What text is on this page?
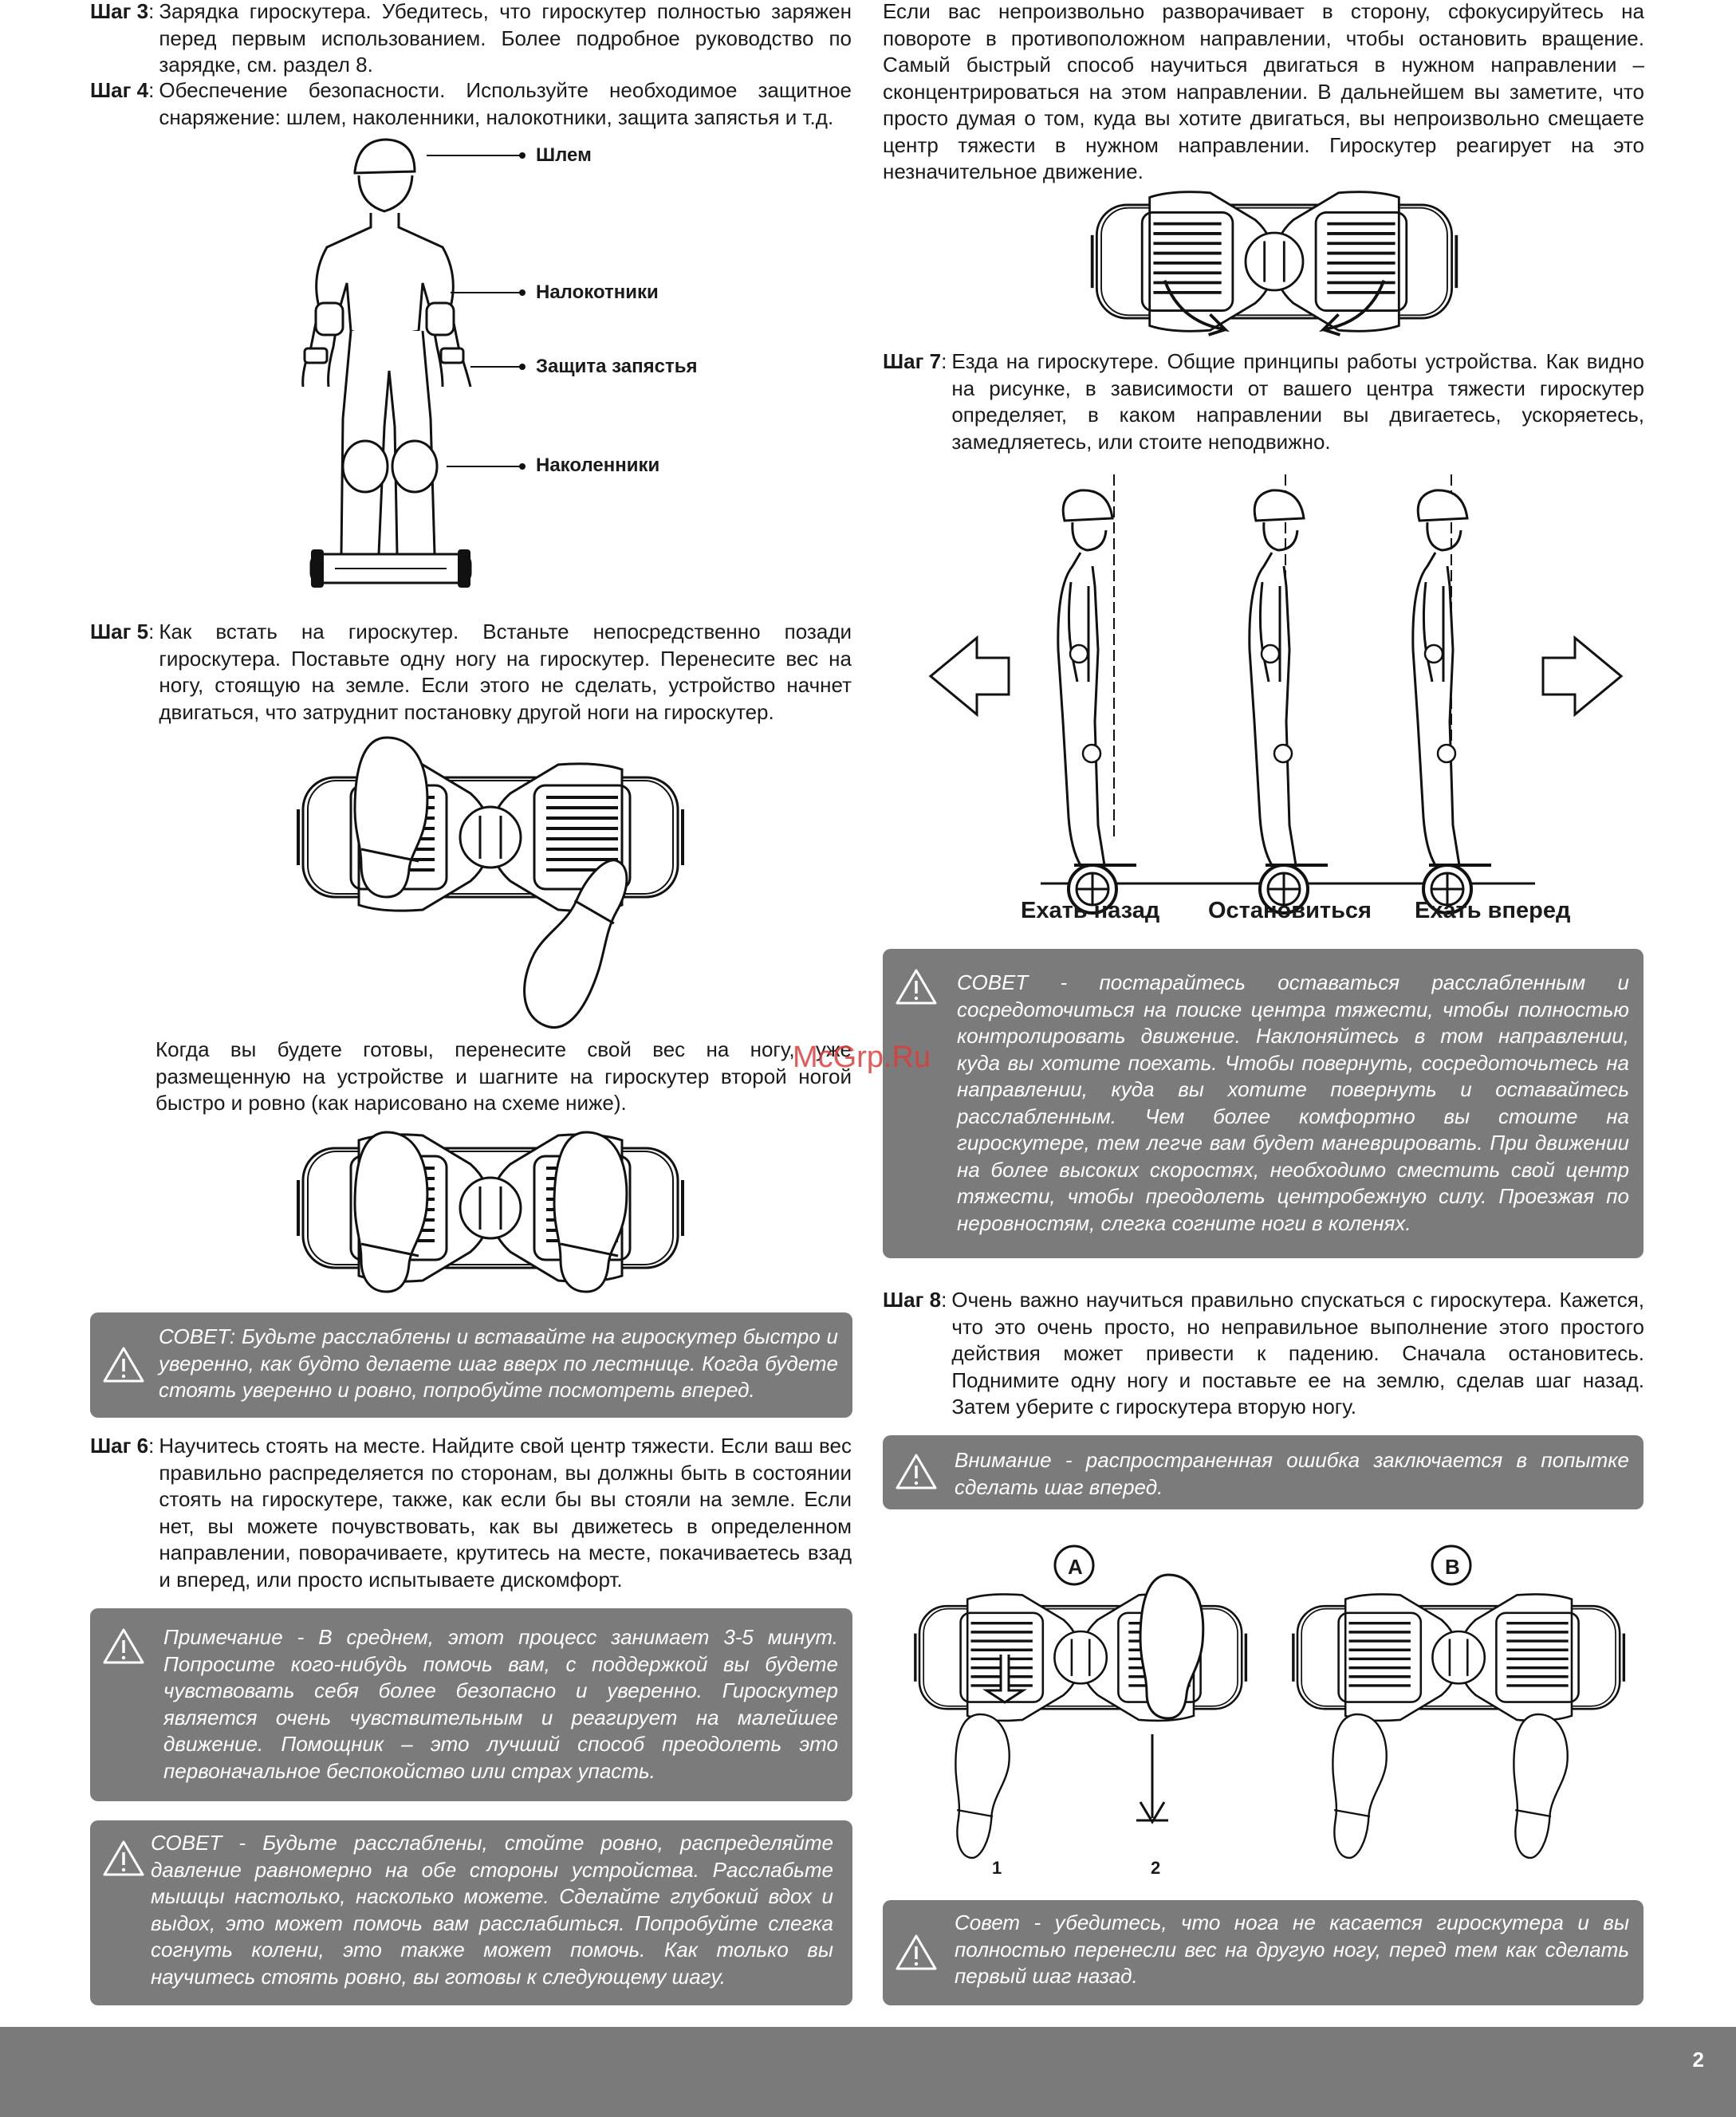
Шаг 3 : Зарядка гироскутера. Убедитесь, что гироскутер полностью заряжен перед первым использованием. Более подробное руководство по зарядке, см. раздел 8.
Шаг 4 : Обеспечение безопасности. Используйте необходимое защитное снаряжение: шлем, наколенники, налокотники, защита запястья и т.д.
Шлем
Налокотники
Защита запястья
Наколенники
Шаг 5 : Как встать на гироскутер. Встаньте непосредственно позади гироскутера. Поставьте одну ногу на гироскутер. Перенесите вес на ногу, стоящую на земле. Если этого не сделать, устройство начнет двигаться, что затруднит постановку другой ноги на гироскутер.
Когда вы будете готовы, перенесите свой вес на ногу, уже размещенную на устройстве и шагните на гироскутер второй ногой быстро и ровно (как нарисовано на схеме ниже).
СОВЕТ: Будьте расслаблены и вставайте на гироскутер быстро и уверенно, как будто делаете шаг вверх по лестнице. Когда будете стоять уверенно и ровно, попробуйте посмотреть вперед.
Шаг 6 : Научитесь стоять на месте. Найдите свой центр тяжести. Если ваш вес правильно распределяется по сторонам, вы должны быть в состоянии стоять на гироскутере, также, как если бы вы стояли на земле. Если нет, вы можете почувствовать, как вы движетесь в определенном направлении, поворачиваете, крутитесь на месте, покачиваетесь взад и вперед, или просто испытываете дискомфорт.
Примечание - В среднем, этот процесс занимает 3-5 минут. Попросите кого-нибудь помочь вам, с поддержкой вы будете чувствовать себя более безопасно и уверенно. Гироскутер является очень чувствительным и реагирует на малейшее движение. Помощник – это лучший способ преодолеть это первоначальное беспокойство или страх упасть.
СОВЕТ - Будьте расслаблены, стойте ровно, распределяйте давление равномерно на обе стороны устройства. Расслабьте мышцы настолько, насколько можете. Сделайте глубокий вдох и выдох, это может помочь вам расслабиться. Попробуйте слегка согнуть колени, это также может помочь. Как только вы научитесь стоять ровно, вы готовы к следующему шагу.
Если вас непроизвольно разворачивает в сторону, сфокусируйтесь на повороте в противоположном направлении, чтобы остановить вращение. Самый быстрый способ научиться двигаться в нужном направлении – сконцентрироваться на этом направлении. В дальнейшем вы заметите, что просто думая о том, куда вы хотите двигаться, вы непроизвольно смещаете центр тяжести в нужном направлении. Гироскутер реагирует на это незначительное движение.
Шаг 7 : Езда на гироскутере. Общие принципы работы устройства. Как видно на рисунке, в зависимости от вашего центра тяжести гироскутер определяет, в каком направлении вы двигаетесь, ускоряетесь, замедляетесь, или стоите неподвижно.
Ехать назад Остановиться Ехать вперед
СОВЕТ - постарайтесь оставаться расслабленным и сосредоточиться на поиске центра тяжести, чтобы полностью контролировать движение. Наклоняйтесь в том направлении, куда вы хотите поехать. Чтобы повернуть, сосредоточьтесь на направлении, куда вы хотите повернуть и оставайтесь расслабленным. Чем более комфортно вы стоите на гироскутере, тем легче вам будет маневрировать. При движении на более высоких скоростях, необходимо сместить свой центр тяжести, чтобы преодолеть центробежную силу. Проезжая по неровностям, слегка согните ноги в коленях.
McGrp.Ru
Шаг 8 : Очень важно научиться правильно спускаться с гироскутера. Кажется, что это очень просто, но неправильное выполнение этого простого действия может привести к падению. Сначала остановитесь. Поднимите одну ногу и поставьте ее на землю, сделав шаг назад. Затем уберите с гироскутера вторую ногу.
Внимание - распространенная ошибка заключается в попытке сделать шаг вперед.
A	B
1	2
Совет - убедитесь, что нога не касается гироскутера и вы полностью перенесли вес на другую ногу, перед тем как сделать первый шаг назад.
2
